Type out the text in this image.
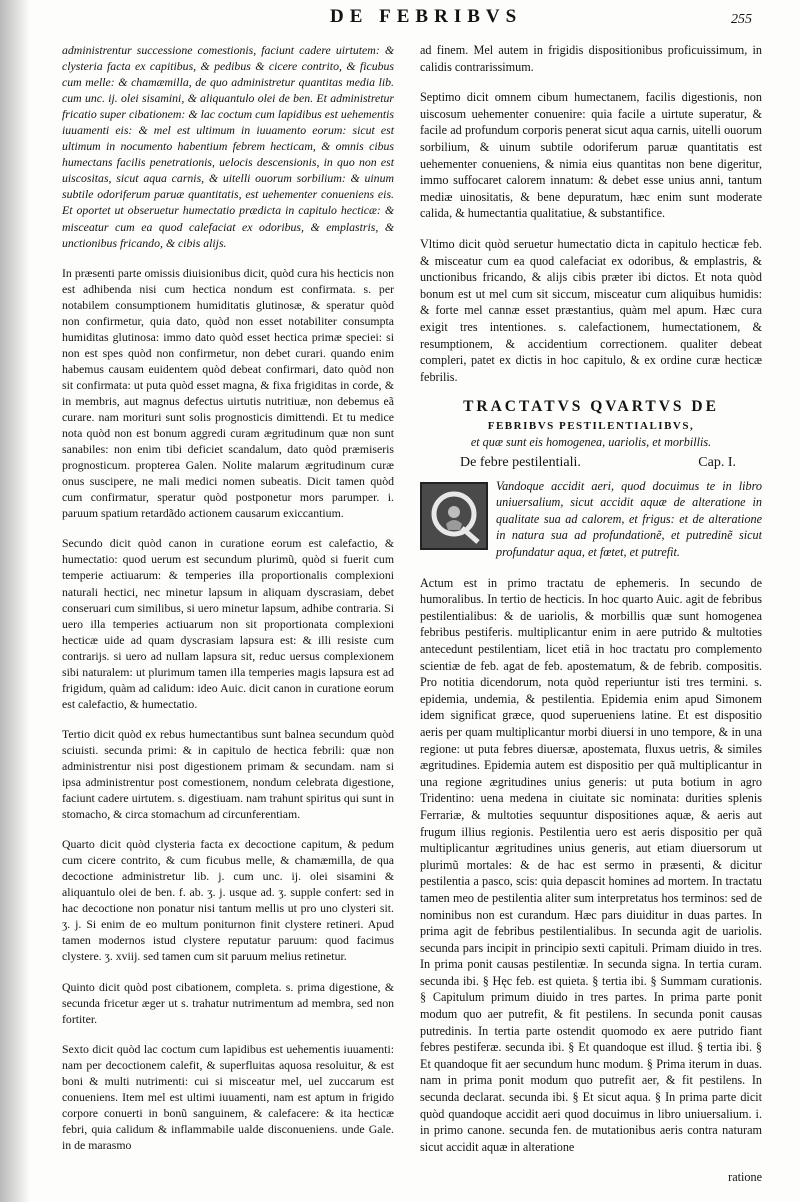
DE FEBRIBVS	255

administrentur successione comestionis, faciunt cadere uirtutem: & clysteria facta ex capitibus, & pedibus & cicere contrito, & ficubus cum melle: & chamæmilla, de quo administretur quantitas media lib. cum unc. ij. olei sisamini, & aliquantulo olei de ben. Et administretur fricatio super cibationem: & lac coctum cum lapidibus est uehementis iuuamenti eis: & mel est ultimum in iuuamento eorum: sicut est ultimum in nocumento habentium febrem hecticam, & omnis cibus humectans facilis penetrationis, uelocis descensionis, in quo non est uiscositas, sicut aqua carnis, & uitelli ouorum sorbilium: & uinum subtile odoriferum paruæ quantitatis, est uehementer conueniens eis. Et oportet ut obseruetur humectatio prædicta in capitulo hecticæ: & misceatur cum ea quod calefaciat ex odoribus, & emplastris, & unctionibus fricando, & cibis alijs.

In præsenti parte omissis diuisionibus dicit, quòd cura his hecticis non est adhibenda nisi cum hectica nondum est confirmata. s. per notabilem consumptionem humiditatis glutinosæ, & speratur quòd non confirmetur, quia dato, quòd non esset notabiliter consumpta humiditas glutinosa: immo dato quòd esset hectica primæ speciei: si non est spes quòd non confirmetur, non debet curari. quando enim habemus causam euidentem quòd debeat confirmari, dato quòd non sit confirmata: ut puta quòd esset magna, & fixa frigiditas in corde, & in membris, aut magnus defectus uirtutis nutritiuæ, non debemus eã curare. nam morituri sunt solis prognosticis dimittendi. Et tu medice nota quòd non est bonum aggredi curam ægritudinum quæ non sunt sanabiles: non enim tibi deficiet scandalum, dato quòd præmiseris prognosticum. propterea Galen. Nolite malarum ægritudinum curæ onus suscipere, ne mali medici nomen subeatis. Dicit tamen quòd cum confirmatur, speratur quòd postponetur mors parumper. i. paruum spatium retardãdo actionem causarum exiccantium.

Secundo dicit quòd canon in curatione eorum est calefactio, & humectatio: quod uerum est secundum plurimũ, quòd si fuerit cum temperie actiuarum: & temperies illa proportionalis complexioni naturali hectici, nec minetur lapsum in aliquam dyscrasiam, debet conseruari cum similibus, si uero minetur lapsum, adhibe contraria. Si uero illa temperies actiuarum non sit proportionata complexioni hecticæ uide ad quam dyscrasiam lapsura est: & illi resiste cum contrarijs. si uero ad nullam lapsura sit, reduc uersus complexionem sibi naturalem: ut plurimum tamen illa temperies magis lapsura est ad frigidum, quàm ad calidum: ideo Auic. dicit canon in curatione eorum est calefactio, & humectatio.

Tertio dicit quòd ex rebus humectantibus sunt balnea secundum quòd sciuisti. secunda primi: & in capitulo de hectica febrili: quæ non administrentur nisi post digestionem primam & secundam. nam si ipsa administrentur post comestionem, nondum celebrata digestione, faciunt cadere uirtutem. s. digestiuam. nam trahunt spiritus qui sunt in stomacho, & circa stomachum ad circunferentiam.

Quarto dicit quòd clysteria facta ex decoctione capitum, & pedum cum cicere contrito, & cum ficubus melle, & chamæmilla, de qua decoctione administretur lib. j. cum unc. ij. olei sisamini & aliquantulo olei de ben. f. ab. ʒ. j. usque ad. ʒ. supple confert: sed in hac decoctione non ponatur nisi tantum mellis ut pro uno clysteri sit. ʒ. j. Si enim de eo multum poniturnon finit clystere retineri. Apud tamen modernos istud clystere reputatur paruum: quod facimus clystere. ʒ. xviij. sed tamen cum sit paruum melius retinetur.

Quinto dicit quòd post cibationem, completa. s. prima digestione, & secunda fricetur æger ut s. trahatur nutrimentum ad membra, sed non fortiter.

Sexto dicit quòd lac coctum cum lapidibus est uehementis iuuamenti: nam per decoctionem calefit, & superfluitas aquosa resoluitur, & est boni & multi nutrimenti: cui si misceatur mel, uel zuccarum est conueniens. Item mel est ultimi iuuamenti, nam est aptum in frigido corpore conuerti in bonũ sanguinem, & calefacere: & ita hecticæ febri, quia calidum & inflammabile ualde disconueniens. unde Gale. in de marasmo

ad finem. Mel autem in frigidis dispositionibus proficuissimum, in calidis contrarissimum.

Septimo dicit omnem cibum humectanem, facilis digestionis, non uiscosum uehementer conuenire: quia facile a uirtute superatur, & facile ad profundum corporis penerat sicut aqua carnis, uitelli ouorum sorbilium, & uinum subtile odoriferum paruæ quantitatis est uehementer conueniens, & nimia eius quantitas non bene digeritur, immo suffocaret calorem innatum: & debet esse unius anni, tantum mediæ uinositatis, & bene depuratum, hæc enim sunt moderate calida, & humectantia qualitatiue, & substantifice.

Vltimo dicit quòd seruetur humectatio dicta in capitulo hecticæ feb. & misceatur cum ea quod calefaciat ex odoribus, & emplastris, & unctionibus fricando, & alijs cibis præter ibi dictos. Et nota quòd bonum est ut mel cum sit siccum, misceatur cum aliquibus humidis: & forte mel cannæ esset præstantius, quàm mel apum. Hæc cura exigit tres intentiones. s. calefactionem, humectationem, & resumptionem, & accidentium correctionem. qualiter debeat compleri, patet ex dictis in hoc capitulo, & ex ordine curæ hecticæ febrilis.

TRACTATVS QVARTVS DE
FEBRIBVS PESTILENTIALIBVS,
et quæ sunt eis homogenea, uariolis, et morbillis.
De febre pestilentiali.	Cap. I.

Vandoque accidit aeri, quod docuimus te in libro uniuersalium, sicut accidit aquæ de alteratione in qualitate sua ad calorem, et frigus: et de alteratione in natura sua ad profundationẽ, et putredinẽ sicut profundatur aqua, et fœtet, et putrefit.

Actum est in primo tractatu de ephemeris. In secundo de humoralibus. In tertio de hecticis. In hoc quarto Auic. agit de febribus pestilentialibus: & de uariolis, & morbillis quæ sunt homogenea febribus pestiferis. multiplicantur enim in aere putrido & multoties antecedunt pestilentiam, licet etiã in hoc tractatu pro complemento scientiæ de feb. agat de feb. apostematum, & de febrib. compositis. Pro notitia dicendorum, nota quòd reperiuntur isti tres termini. s. epidemia, undemia, & pestilentia. Epidemia enim apud Simonem idem significat græce, quod superueniens latine. Et est dispositio aeris per quam multiplicantur morbi diuersi in uno tempore, & in una regione: ut puta febres diuersæ, apostemata, fluxus uetris, & similes ægritudines. Epidemia autem est dispositio per quã multiplicantur in una regione ægritudines unius generis: ut puta botium in agro Tridentino: uena medena in ciuitate sic nominata: durities splenis Ferrariæ, & multoties sequuntur dispositiones aquæ, & aeris aut frugum illius regionis. Pestilentia uero est aeris dispositio per quã multiplicantur ægritudines unius generis, aut etiam diuersorum ut plurimũ mortales: & de hac est sermo in præsenti, & dicitur pestilentia a pasco, scis: quia depascit homines ad mortem. In tractatu tamen meo de pestilentia aliter sum interpretatus hos terminos: sed de nominibus non est curandum. Hæc pars diuiditur in duas partes. In prima agit de febribus pestilentialibus. In secunda agit de uariolis. secunda pars incipit in principio sexti capituli. Primam diuido in tres. In prima ponit causas pestilentiæ. In secunda signa. In tertia curam. secunda ibi. § Hęc feb. est quieta. § tertia ibi. § Summam curationis. § Capitulum primum diuido in tres partes. In prima parte ponit modum quo aer putrefit, & fit pestilens. In secunda ponit causas putredinis. In tertia parte ostendit quomodo ex aere putrido fiant febres pestiferæ. secunda ibi. § Et quandoque est illud. § tertia ibi. § Et quandoque fit aer secundum hunc modum. § Prima iterum in duas. nam in prima ponit modum quo putrefit aer, & fit pestilens. In secunda declarat. secunda ibi. § Et sicut aqua. § In prima parte dicit quòd quandoque accidit aeri quod docuimus in libro uniuersalium. i. in primo canone. secunda fen. de mutationibus aeris contra naturam sicut accidit aquæ in alteratione

ratione
